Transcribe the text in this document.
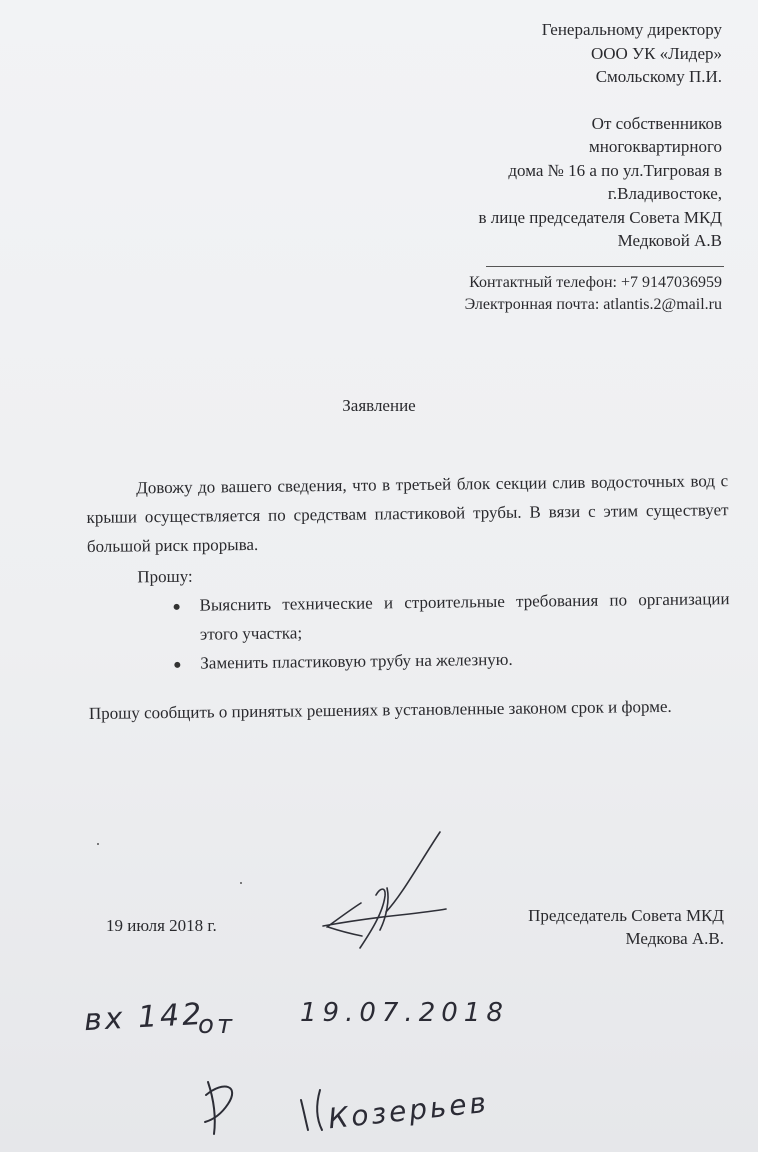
Генеральному директору
ООО УК «Лидер»
Смольскому П.И.
От собственников
многоквартирного
дома № 16 а по ул.Тигровая в
г.Владивостоке,
в лице председателя Совета МКД
Медковой А.В
Контактный телефон: +7 9147036959
Электронная почта: atlantis.2@mail.ru
Заявление

Довожу до вашего сведения, что в третьей блок секции слив водосточных вод с крыши осуществляется по средствам пластиковой трубы. В вязи с этим существует большой риск прорыва.

Прошу:

Выяснить технические и строительные требования по организации этого участка;
Заменить пластиковую трубу на железную.

Прошу сообщить о принятых решениях в установленные законом срок и форме.

19 июля 2018 г.
Председатель Совета МКД
Медкова А.В.
вх 142
от 19.07.2018
Козерьев
